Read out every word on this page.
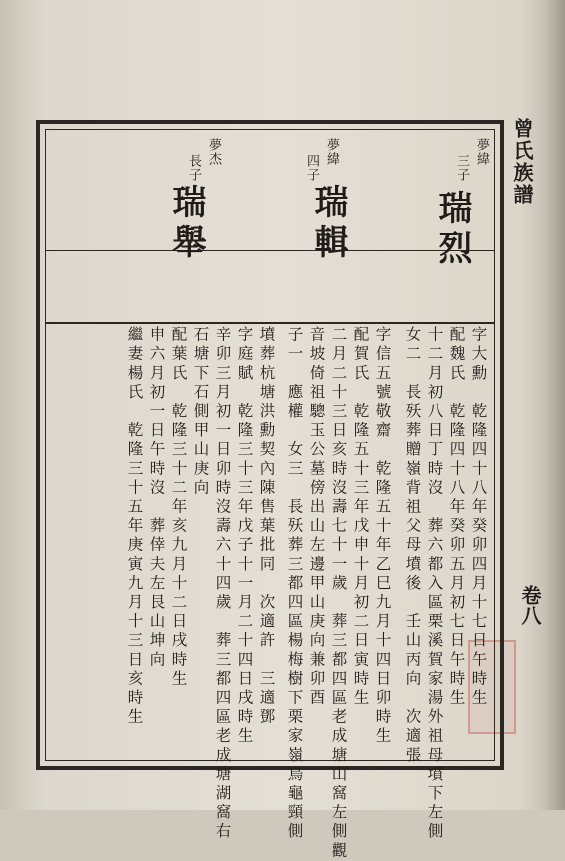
曾氏族譜
卷八
夢緯
三子
瑞烈
夢緯
四子
瑞輯
夢杰
長子
瑞舉
字大勳　乾隆四十八年癸卯四月十七日午時生
配魏氏　乾隆四十八年癸卯五月初七日午時生
十二月初八日丁時沒　葬六都入區栗溪賀家湯外祖母墳下左側
女二　長殀葬贈嶺背祖父母墳後　壬山丙向　次適張
字信五號敬齋　乾隆五十年乙巳九月十四日卯時生
配賀氏　乾隆五十三年戊申十月初二日寅時生
二月二十三日亥時沒壽七十一歲　葬三都四區老成塘山窩左側觀
音坡倚祖驄玉公墓傍出山左邊甲山庚向兼卯酉
子一　應權　女三　長殀葬三都四區楊梅樹下栗家嶺烏龜頸側
墳葬杭塘洪勳契內陳售葉批同　次適許　三適鄧
字庭賦　乾隆三十三年戊子十一月二十四日戌時生
辛卯三月初一日卯時沒壽六十四歲　葬三都四區老成塘湖窩右
石塘下石側甲山庚向
配葉氏　乾隆三十二年亥九月十二日戌時生
申六月初一日午時沒　葬倖夫左艮山坤向
繼妻楊氏　乾隆三十五年庚寅九月十三日亥時生
